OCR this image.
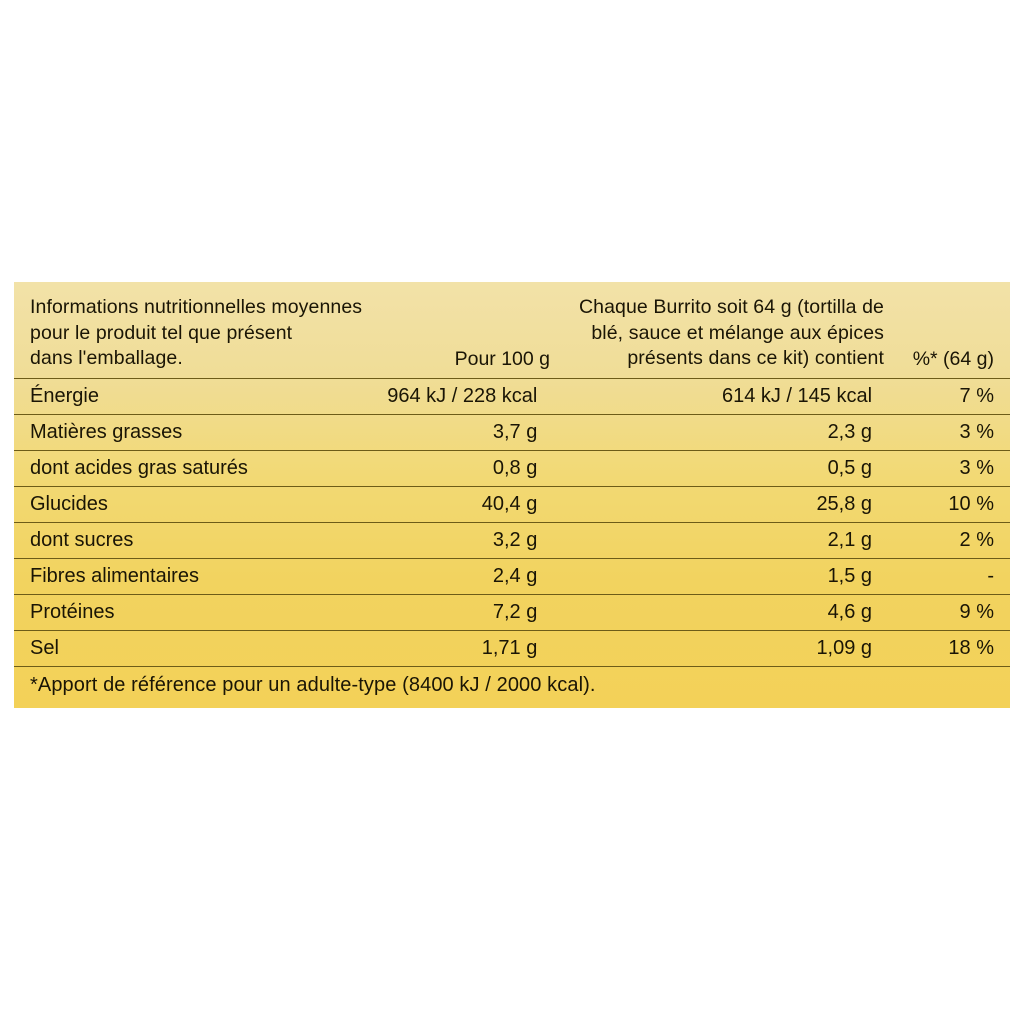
Informations nutritionnelles moyennes
pour le produit tel que présent
dans l'emballage.	Pour 100 g
Chaque Burrito soit 64 g (tortilla de
blé, sauce et mélange aux épices
présents dans ce kit) contient	%* (64 g)
Énergie	964 kJ / 228 kcal	614 kJ / 145 kcal	7 %
Matières grasses	3,7 g	2,3 g	3 %
dont acides gras saturés	0,8 g	0,5 g	3 %
Glucides	40,4 g	25,8 g	10 %
dont sucres	3,2 g	2,1 g	2 %
Fibres alimentaires	2,4 g	1,5 g	-
Protéines	7,2 g	4,6 g	9 %
Sel	1,71 g	1,09 g	18 %
*Apport de référence pour un adulte-type (8400 kJ / 2000 kcal).
